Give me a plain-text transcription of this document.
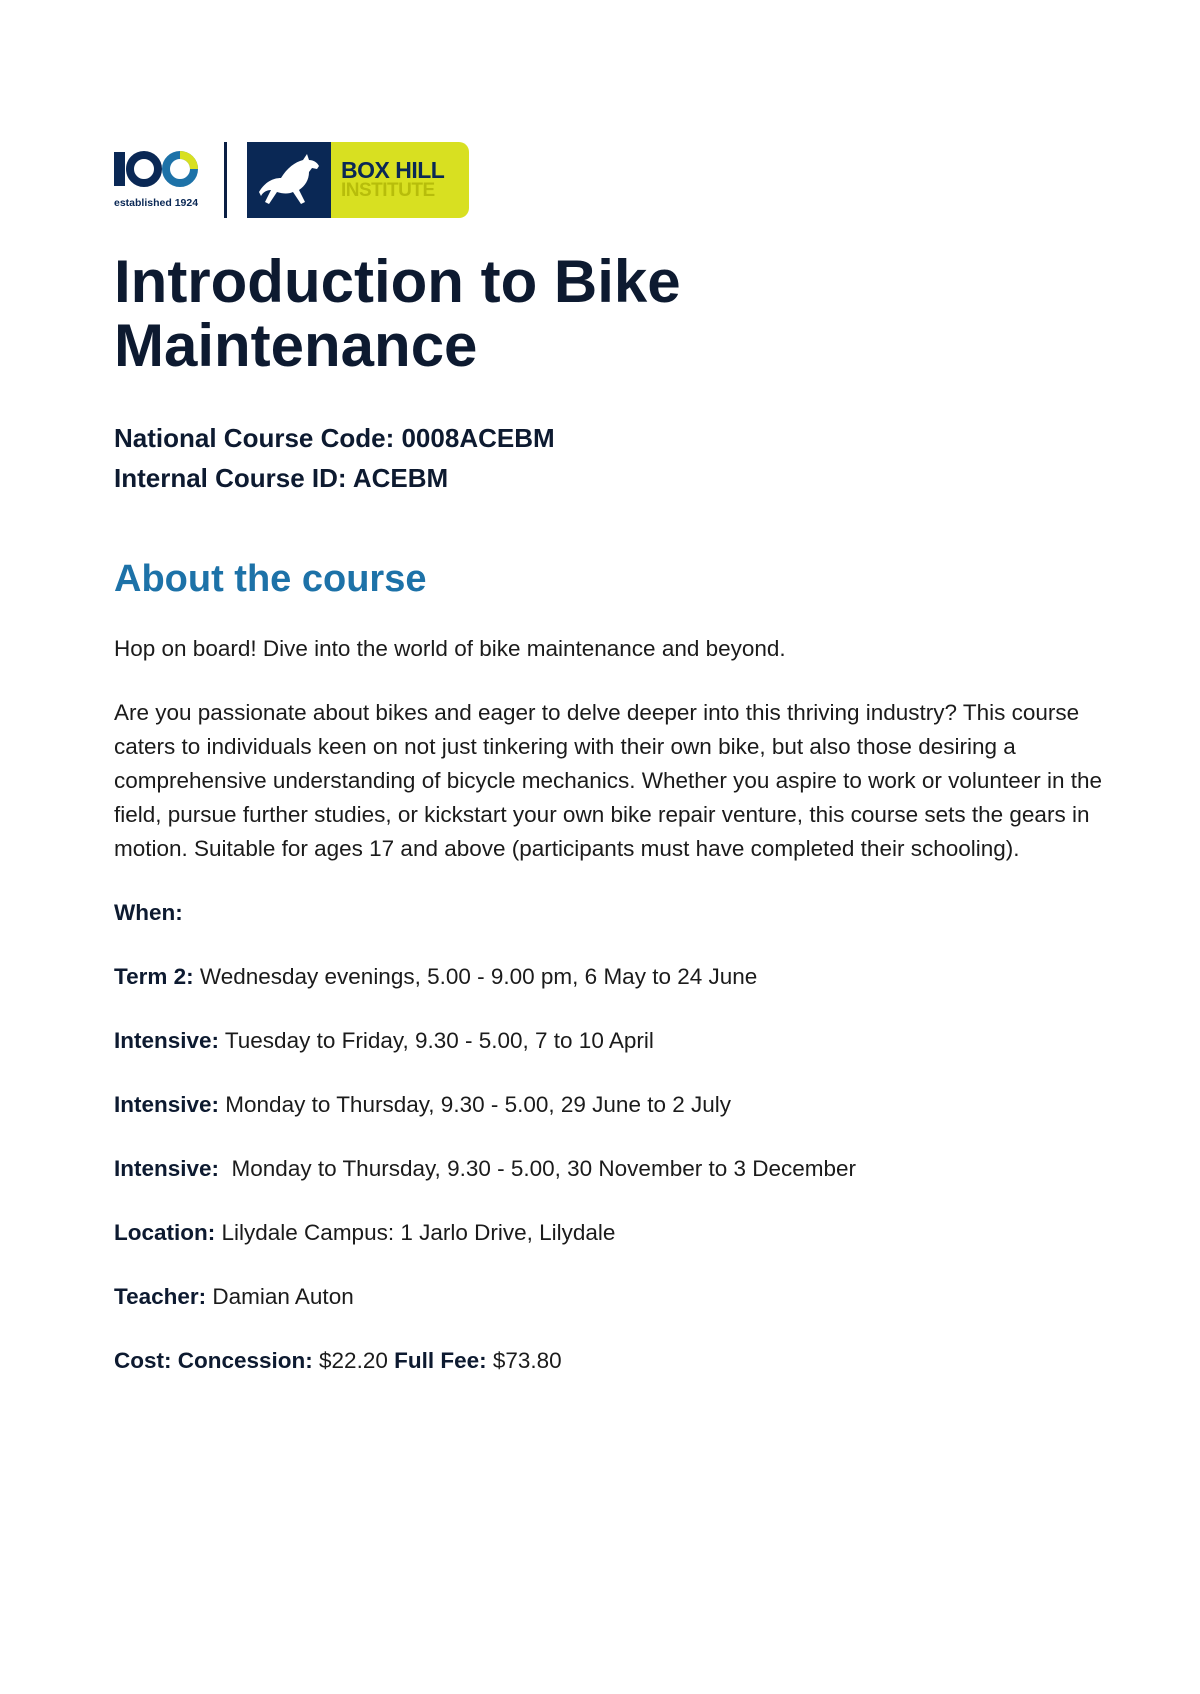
established 1924
BOX HILL
INSTITUTE
Introduction to Bike Maintenance
National Course Code: 0008ACEBM
Internal Course ID: ACEBM
About the course

Hop on board! Dive into the world of bike maintenance and beyond.

Are you passionate about bikes and eager to delve deeper into this thriving industry? This course caters to individuals keen on not just tinkering with their own bike, but also those desiring a comprehensive understanding of bicycle mechanics. Whether you aspire to work or volunteer in the field, pursue further studies, or kickstart your own bike repair venture, this course sets the gears in motion. Suitable for ages 17 and above (participants must have completed their schooling).

When:
Term 2: Wednesday evenings, 5.00 - 9.00 pm, 6 May to 24 June
Intensive: Tuesday to Friday, 9.30 - 5.00, 7 to 10 April
Intensive: Monday to Thursday, 9.30 - 5.00, 29 June to 2 July
Intensive:  Monday to Thursday, 9.30 - 5.00, 30 November to 3 December
Location: Lilydale Campus: 1 Jarlo Drive, Lilydale
Teacher: Damian Auton
Cost: Concession: $22.20 Full Fee: $73.80
